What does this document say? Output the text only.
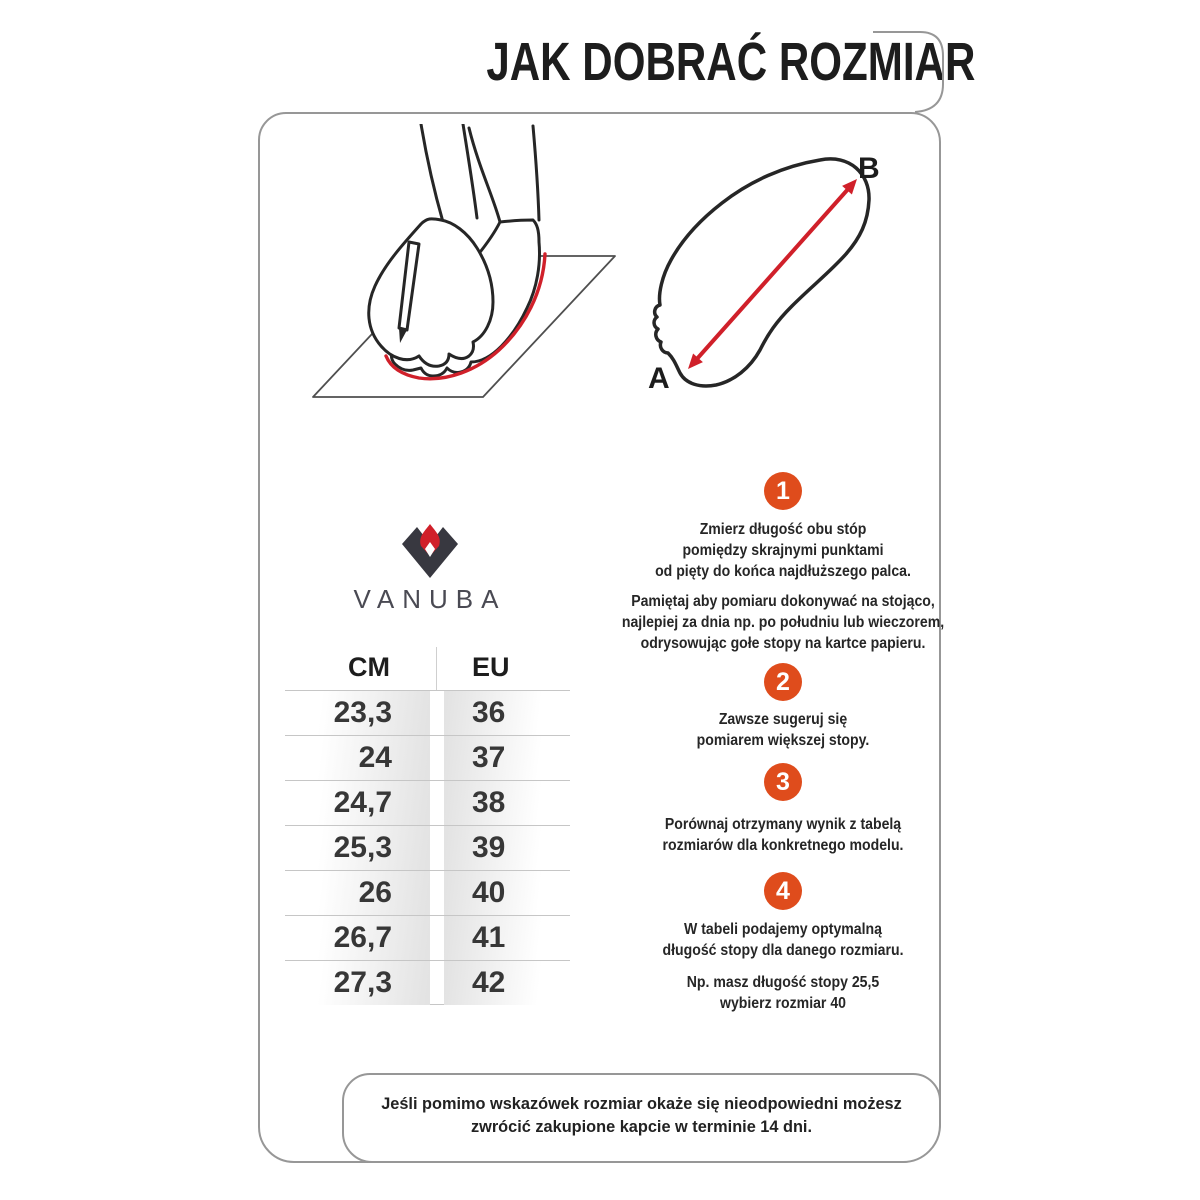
JAK DOBRAĆ ROZMIAR
B
A
VANUBA
CM	EU
23,3	36
24	37
24,7	38
25,3	39
26	40
26,7	41
27,3	42
1
Zmierz długość obu stóp
pomiędzy skrajnymi punktami
od pięty do końca najdłuższego palca.
Pamiętaj aby pomiaru dokonywać na stojąco,
najlepiej za dnia np. po południu lub wieczorem,
odrysowując gołe stopy na kartce papieru.
2
Zawsze sugeruj się
pomiarem większej stopy.
3
Porównaj otrzymany wynik z tabelą
rozmiarów dla konkretnego modelu.
4
W tabeli podajemy optymalną
długość stopy dla danego rozmiaru.
Np. masz długość stopy 25,5
wybierz rozmiar 40
Jeśli pomimo wskazówek rozmiar okaże się nieodpowiedni możesz
zwrócić zakupione kapcie w terminie 14 dni.
